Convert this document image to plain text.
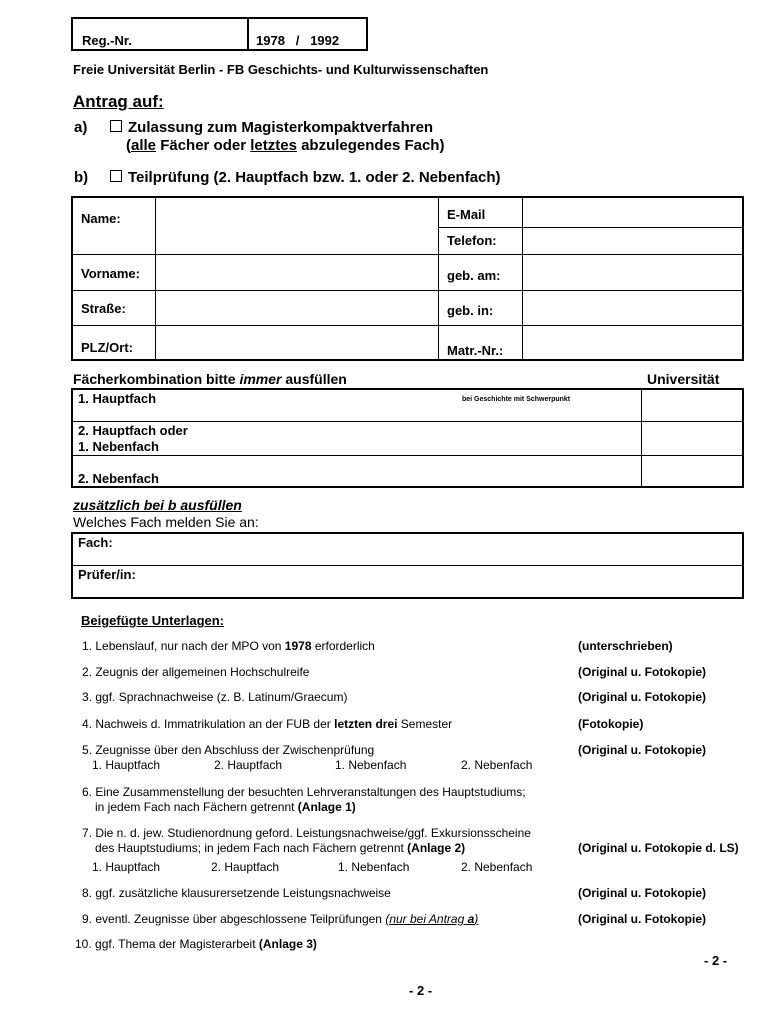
Reg.-Nr.	1978   /   1992
Freie Universität Berlin - FB Geschichts- und Kulturwissenschaften
Antrag auf:
a)	Zulassung zum Magisterkompaktverfahren
(alle Fächer oder letztes abzulegendes Fach)
b)	Teilprüfung (2. Hauptfach bzw. 1. oder 2. Nebenfach)
Name:	E-Mail
Telefon:
Vorname:	geb. am:
Straße:	geb. in:
PLZ/Ort:	Matr.-Nr.:
Fächerkombination bitte immer ausfüllen	Universität
1. Hauptfach	bei Geschichte mit Schwerpunkt
2. Hauptfach oder
1. Nebenfach
2. Nebenfach
zusätzlich bei b ausfüllen
Welches Fach melden Sie an:
Fach:
Prüfer/in:
Beigefügte Unterlagen:
1. Lebenslauf, nur nach der MPO von 1978 erforderlich	(unterschrieben)
2. Zeugnis der allgemeinen Hochschulreife	(Original u. Fotokopie)
3. ggf. Sprachnachweise (z. B. Latinum/Graecum)	(Original u. Fotokopie)
4. Nachweis d. Immatrikulation an der FUB der letzten drei Semester	(Fotokopie)
5. Zeugnisse über den Abschluss der Zwischenprüfung	(Original u. Fotokopie)
1. Hauptfach	2. Hauptfach	1. Nebenfach	2. Nebenfach
6. Eine Zusammenstellung der besuchten Lehrveranstaltungen des Hauptstudiums;
in jedem Fach nach Fächern getrennt (Anlage 1)
7. Die n. d. jew. Studienordnung geford. Leistungsnachweise/ggf. Exkursionsscheine
des Hauptstudiums; in jedem Fach nach Fächern getrennt (Anlage 2)	(Original u. Fotokopie d. LS)
1. Hauptfach	2. Hauptfach	1. Nebenfach	2. Nebenfach
8. ggf. zusätzliche klausurersetzende Leistungsnachweise	(Original u. Fotokopie)
9. eventl. Zeugnisse über abgeschlossene Teilprüfungen (nur bei Antrag a)	(Original u. Fotokopie)
10. ggf. Thema der Magisterarbeit (Anlage 3)
- 2 -
- 2 -
